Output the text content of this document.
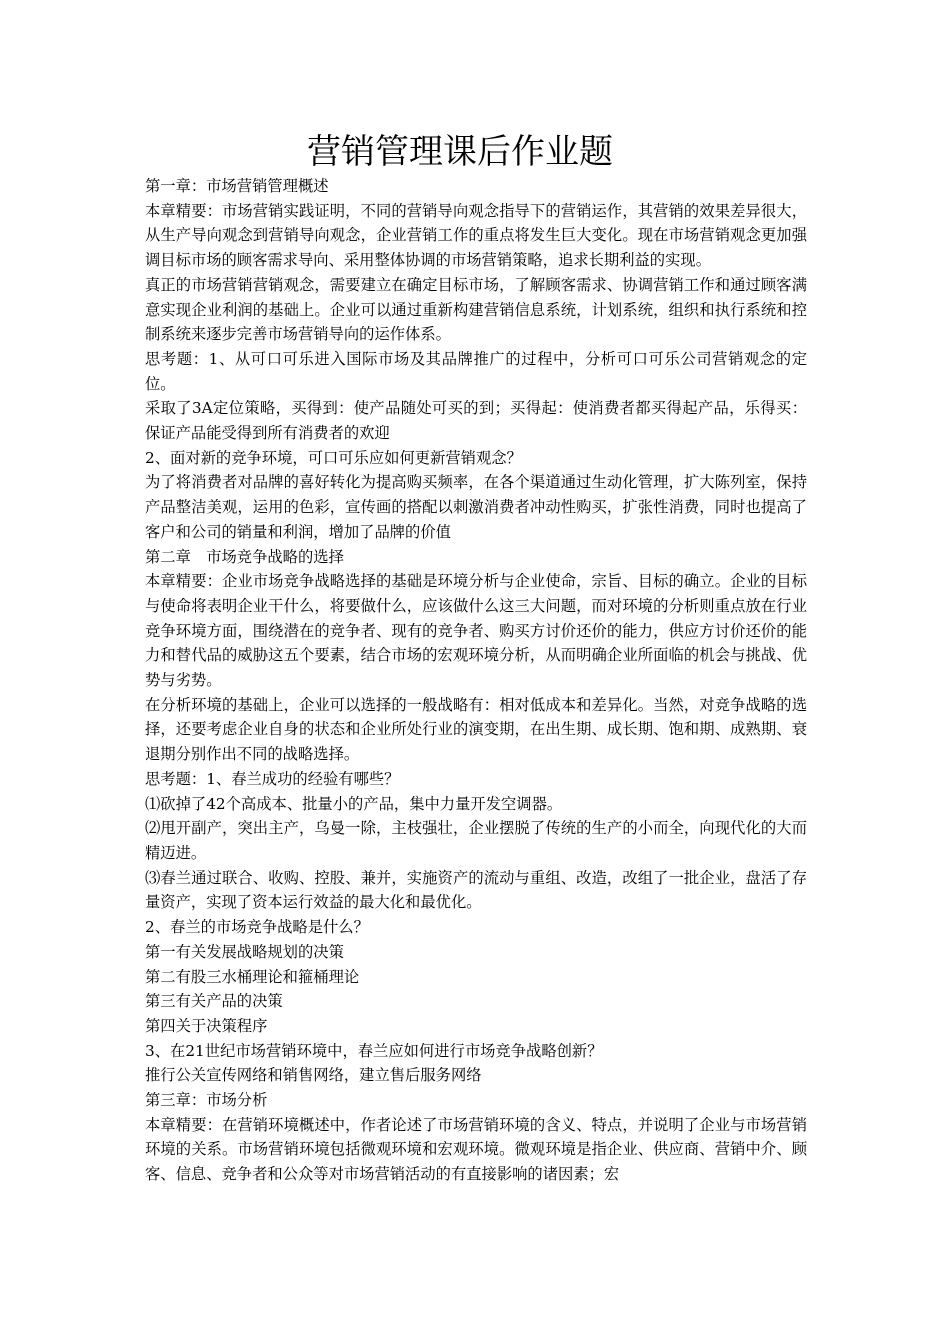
营销管理课后作业题

第一章：市场营销管理概述

本章精要：市场营销实践证明，不同的营销导向观念指导下的营销运作，其营销的效果差异很大，从生产导向观念到营销导向观念，企业营销工作的重点将发生巨大变化。现在市场营销观念更加强调目标市场的顾客需求导向、采用整体协调的市场营销策略，追求长期利益的实现。

真正的市场营销营销观念，需要建立在确定目标市场，了解顾客需求、协调营销工作和通过顾客满意实现企业利润的基础上。企业可以通过重新构建营销信息系统，计划系统，组织和执行系统和控制系统来逐步完善市场营销导向的运作体系。

思考题：1、从可口可乐进入国际市场及其品牌推广的过程中，分析可口可乐公司营销观念的定位。

采取了3A定位策略，买得到：使产品随处可买的到；买得起：使消费者都买得起产品，乐得买：保证产品能受得到所有消费者的欢迎

2、面对新的竞争环境，可口可乐应如何更新营销观念？

为了将消费者对品牌的喜好转化为提高购买频率，在各个渠道通过生动化管理，扩大陈列室，保持产品整洁美观，运用的色彩，宣传画的搭配以刺激消费者冲动性购买，扩张性消费，同时也提高了客户和公司的销量和利润，增加了品牌的价值

第二章　市场竞争战略的选择

本章精要：企业市场竞争战略选择的基础是环境分析与企业使命，宗旨、目标的确立。企业的目标与使命将表明企业干什么，将要做什么，应该做什么这三大问题，而对环境的分析则重点放在行业竞争环境方面，围绕潜在的竞争者、现有的竞争者、购买方讨价还价的能力，供应方讨价还价的能力和替代品的威胁这五个要素，结合市场的宏观环境分析，从而明确企业所面临的机会与挑战、优势与劣势。

在分析环境的基础上，企业可以选择的一般战略有：相对低成本和差异化。当然，对竞争战略的选择，还要考虑企业自身的状态和企业所处行业的演变期，在出生期、成长期、饱和期、成熟期、衰退期分别作出不同的战略选择。

思考题：1、春兰成功的经验有哪些？

⑴砍掉了42个高成本、批量小的产品，集中力量开发空调器。

⑵甩开副产，突出主产，乌曼一除，主枝强壮，企业摆脱了传统的生产的小而全，向现代化的大而精迈进。

⑶春兰通过联合、收购、控股、兼并，实施资产的流动与重组、改造，改组了一批企业，盘活了存量资产，实现了资本运行效益的最大化和最优化。

2、春兰的市场竞争战略是什么？

第一有关发展战略规划的决策

第二有股三水桶理论和箍桶理论

第三有关产品的决策

第四关于决策程序

3、在21世纪市场营销环境中，春兰应如何进行市场竞争战略创新？

推行公关宣传网络和销售网络，建立售后服务网络

第三章：市场分析

本章精要：在营销环境概述中，作者论述了市场营销环境的含义、特点，并说明了企业与市场营销环境的关系。市场营销环境包括微观环境和宏观环境。微观环境是指企业、供应商、营销中介、顾客、信息、竞争者和公众等对市场营销活动的有直接影响的诸因素；宏
